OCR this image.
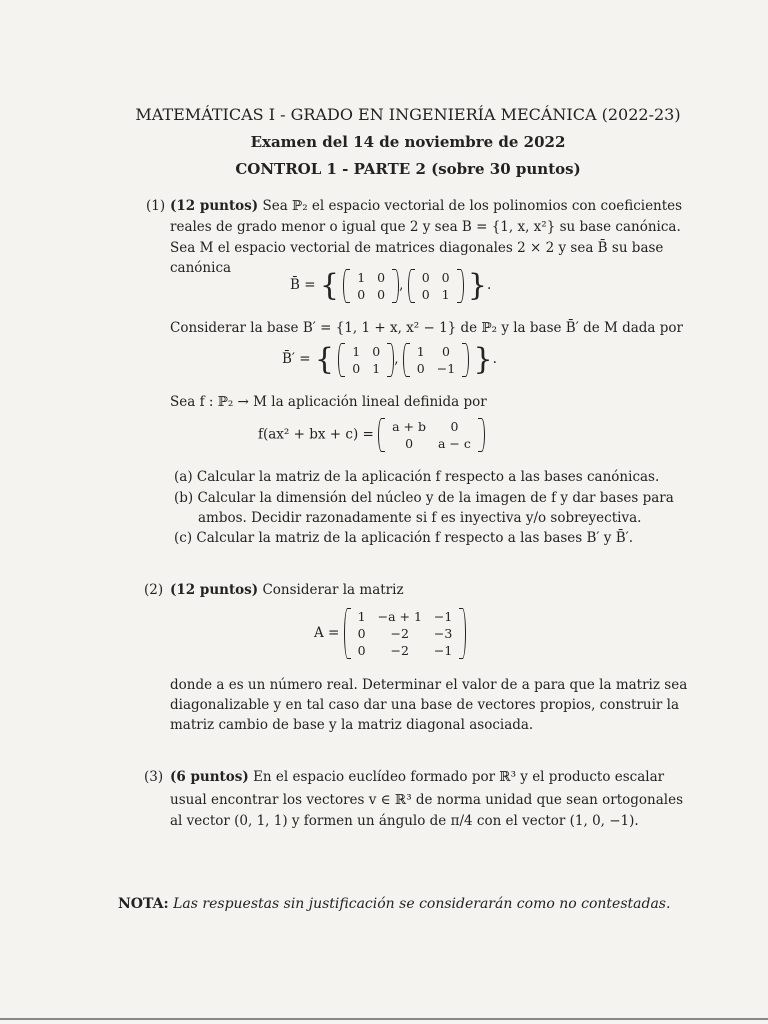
MATEMÁTICAS I - GRADO EN INGENIERÍA MECÁNICA (2022-23)
Examen del 14 de noviembre de 2022
CONTROL 1 - PARTE 2 (sobre 30 puntos)
(1) (12 puntos) Sea ℙ₂ el espacio vectorial de los polinomios con coeficientes
reales de grado menor o igual que 2 y sea B = {1, x, x²} su base canónica.
Sea M el espacio vectorial de matrices diagonales 2 × 2 y sea B̄ su base
canónica
B̄ = { 1	0
0	0
, 0	0
0	1 }.
Considerar la base B′ = {1, 1 + x, x² − 1} de ℙ₂ y la base B̄′ de M dada por
B̄′ = { 1	0
0	1
, 1	0
0	−1 }.
Sea f : ℙ₂ → M la aplicación lineal definida por
f(ax² + bx + c) = a + b	0
0	a − c
(a) Calcular la matriz de la aplicación f respecto a las bases canónicas.
(b) Calcular la dimensión del núcleo y de la imagen de f y dar bases para
ambos. Decidir razonadamente si f es inyectiva y/o sobreyectiva.
(c) Calcular la matriz de la aplicación f respecto a las bases B′ y B̄′.
(2) (12 puntos) Considerar la matriz
A =
1	−a + 1	−1
0	−2	−3
0	−2	−1
donde a es un número real. Determinar el valor de a para que la matriz sea
diagonalizable y en tal caso dar una base de vectores propios, construir la
matriz cambio de base y la matriz diagonal asociada.
(3) (6 puntos) En el espacio euclídeo formado por ℝ³ y el producto escalar
usual encontrar los vectores v ∈ ℝ³ de norma unidad que sean ortogonales
al vector (0, 1, 1) y formen un ángulo de π/4 con el vector (1, 0, −1).
NOTA: Las respuestas sin justificación se considerarán como no contestadas.
